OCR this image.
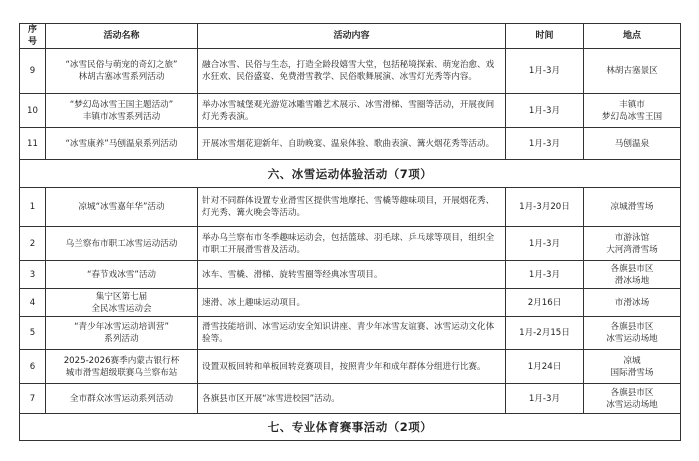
序号	活动名称	活动内容	时间	地点
9	“冰雪民俗与萌宠的奇幻之旅”
林胡古塞冰雪系列活动	融合冰雪、民俗与生态，打造全龄段嬉雪大堂，包括秘境探索、萌宠治愈、戏水狂欢、民俗盛宴、免费滑雪教学、民俗歌舞展演、冰雪灯光秀等内容。	1月-3月	林胡古塞景区

10	“梦幻岛冰雪王国主题活动”
丰镇市冰雪系列活动	举办冰雪城堡观光游览冰雕雪雕艺术展示、冰雪滑梯、雪圈等活动，开展夜间灯光秀表演。	1月-3月	丰镇市
梦幻岛冰雪王国

11	“冰雪康养”马刨温泉系列活动	开展冰雪烟花迎新年、自助晚宴、温泉体验、歌曲表演、篝火烟花秀等活动。	1月-3月	马刨温泉

六、冰雪运动体验活动（7项）				
1	凉城“冰雪嘉年华”活动	针对不同群体设置专业滑雪区提供雪地摩托、雪橇等趣味项目，开展烟花秀、灯光秀、篝火晚会等活动。	1月-3月20日	凉城滑雪场

2	乌兰察布市职工冰雪运动活动	举办乌兰察布市冬季趣味运动会，包括篮球、羽毛球、乒乓球等项目，组织全市职工开展滑雪普及活动。	1月-3月	市游泳馆
大河湾滑雪场

3	“春节戏冰雪”活动	冰车、雪橇、滑梯、旋转雪圈等经典冰雪项目。	1月-3月	各旗县市区
滑冰场地

4	集宁区第七届
全民冰雪运动会	速滑、冰上趣味运动项目。	2月16日	市滑冰场

5	“青少年冰雪运动培训营”
系列活动	滑雪技能培训、冰雪运动安全知识讲座、青少年冰雪友谊赛、冰雪运动文化体验等。	1月-2月15日	各旗县市区
冰雪运动场地

6	2025-2026赛季内蒙古银行杯
城市滑雪超级联赛乌兰察布站	设置双板回转和单板回转竞赛项目，按照青少年和成年群体分组进行比赛。	1月24日	凉城
国际滑雪场

7	全市群众冰雪运动系列活动	各旗县市区开展“冰雪进校园”活动。	1月-3月	各旗县市区
冰雪运动场地

七、专业体育赛事活动（2项）				
